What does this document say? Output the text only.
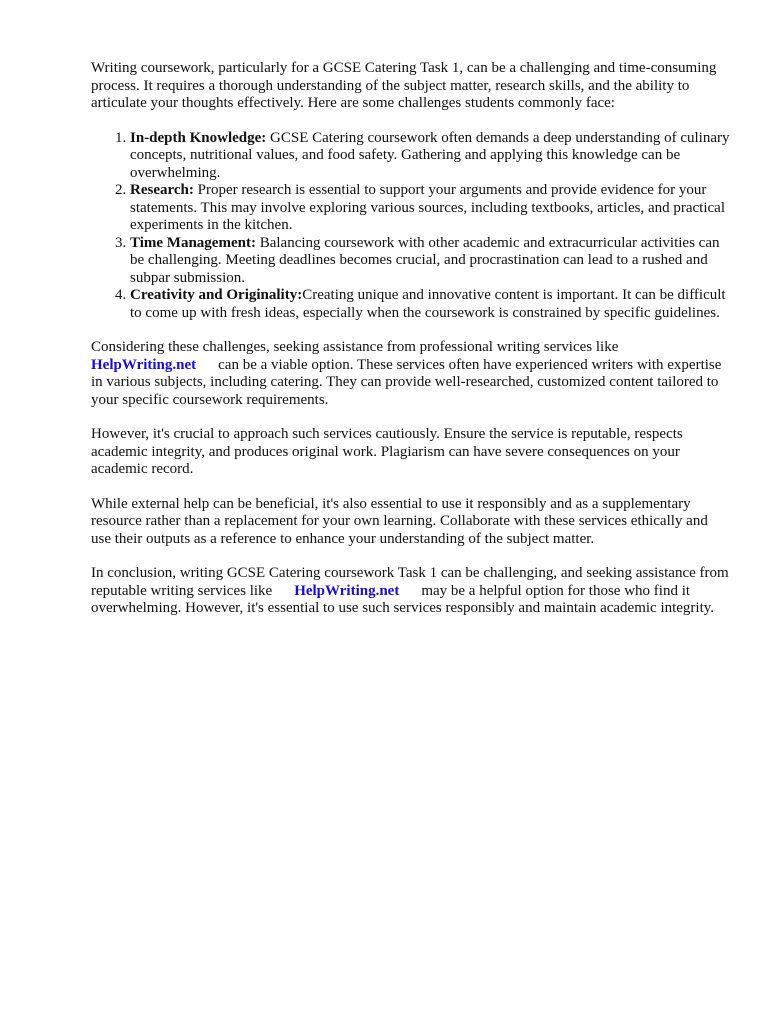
Writing coursework, particularly for a GCSE Catering Task 1, can be a challenging and time-consuming process. It requires a thorough understanding of the subject matter, research skills, and the ability to articulate your thoughts effectively. Here are some challenges students commonly face:

1. In-depth Knowledge: GCSE Catering coursework often demands a deep understanding of culinary concepts, nutritional values, and food safety. Gathering and applying this knowledge can be overwhelming.
2. Research: Proper research is essential to support your arguments and provide evidence for your statements. This may involve exploring various sources, including textbooks, articles, and practical experiments in the kitchen.
3. Time Management: Balancing coursework with other academic and extracurricular activities can be challenging. Meeting deadlines becomes crucial, and procrastination can lead to a rushed and subpar submission.
4. Creativity and Originality:Creating unique and innovative content is important. It can be difficult to come up with fresh ideas, especially when the coursework is constrained by specific guidelines.

Considering these challenges, seeking assistance from professional writing services like
HelpWriting.net can be a viable option. These services often have experienced writers with expertise in various subjects, including catering. They can provide well-researched, customized content tailored to your specific coursework requirements.

However, it's crucial to approach such services cautiously. Ensure the service is reputable, respects academic integrity, and produces original work. Plagiarism can have severe consequences on your academic record.

While external help can be beneficial, it's also essential to use it responsibly and as a supplementary resource rather than a replacement for your own learning. Collaborate with these services ethically and use their outputs as a reference to enhance your understanding of the subject matter.

In conclusion, writing GCSE Catering coursework Task 1 can be challenging, and seeking assistance from reputable writing services like HelpWriting.net may be a helpful option for those who find it overwhelming. However, it's essential to use such services responsibly and maintain academic integrity.
